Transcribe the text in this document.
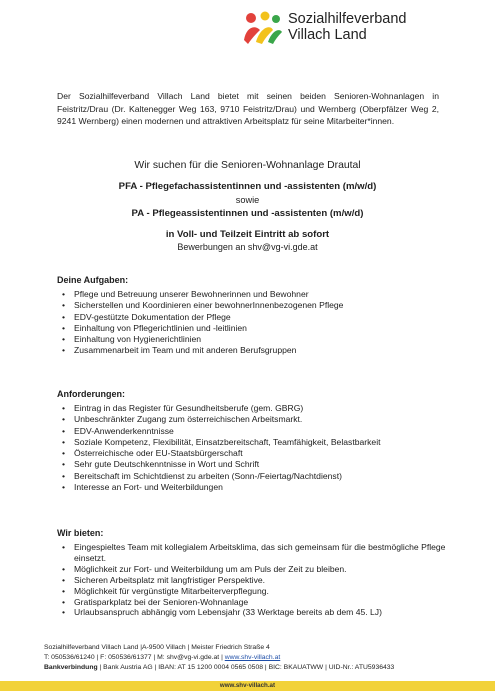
Sozialhilfeverband
Villach Land
Der Sozialhilfeverband Villach Land bietet mit seinen beiden Senioren-Wohnanlagen in Feistritz/Drau (Dr. Kaltenegger Weg 163, 9710 Feistritz/Drau) und Wernberg (Oberpfälzer Weg 2, 9241 Wernberg) einen modernen und attraktiven Arbeitsplatz für seine Mitarbeiter*innen.
Wir suchen für die Senioren-Wohnanlage Drautal
PFA - Pflegefachassistentinnen und -assistenten (m/w/d)
sowie
PA - Pflegeassistentinnen und -assistenten (m/w/d)
in Voll- und Teilzeit Eintritt ab sofort
Bewerbungen an shv@vg-vi.gde.at
Deine Aufgaben:
• Pflege und Betreuung unserer Bewohnerinnen und Bewohner
• Sicherstellen und Koordinieren einer bewohnerInnenbezogenen Pflege
• EDV-gestützte Dokumentation der Pflege
• Einhaltung von Pflegerichtlinien und -leitlinien
• Einhaltung von Hygienerichtlinien
• Zusammenarbeit im Team und mit anderen Berufsgruppen
Anforderungen:
• Eintrag in das Register für Gesundheitsberufe (gem. GBRG)
• Unbeschränkter Zugang zum österreichischen Arbeitsmarkt.
• EDV-Anwenderkenntnisse
• Soziale Kompetenz, Flexibilität, Einsatzbereitschaft, Teamfähigkeit, Belastbarkeit
• Österreichische oder EU-Staatsbürgerschaft
• Sehr gute Deutschkenntnisse in Wort und Schrift
• Bereitschaft im Schichtdienst zu arbeiten (Sonn-/Feiertag/Nachtdienst)
• Interesse an Fort- und Weiterbildungen
Wir bieten:
• Eingespieltes Team mit kollegialem Arbeitsklima, das sich gemeinsam für die bestmögliche Pflege einsetzt.
• Möglichkeit zur Fort- und Weiterbildung um am Puls der Zeit zu bleiben.
• Sicheren Arbeitsplatz mit langfristiger Perspektive.
• Möglichkeit für vergünstigte Mitarbeiterverpflegung.
• Gratisparkplatz bei der Senioren-Wohnanlage
• Urlaubsanspruch abhängig vom Lebensjahr (33 Werktage bereits ab dem 45. LJ)
Sozialhilfeverband Villach Land |A-9500 Villach | Meister Friedrich Straße 4
T: 050536/61240 | F: 050536/61377 | M: shv@vg-vi.gde.at | www.shv-villach.at
Bankverbindung | Bank Austria AG | IBAN: AT 15 1200 0004 0565 0508 | BIC: BKAUATWW | UID-Nr.: ATU5936433
www.shv-villach.at
